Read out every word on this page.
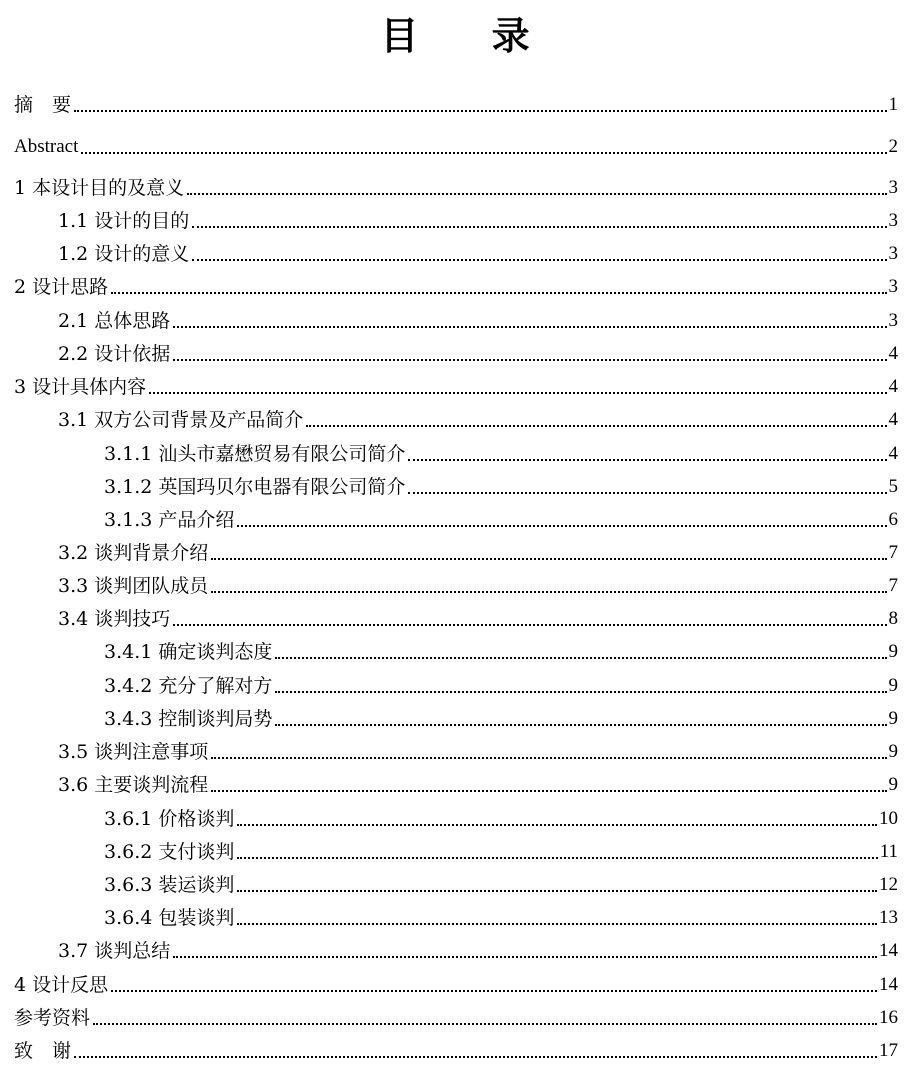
目 录
摘　要	1
Abstract	2
1 本设计目的及意义	3
1.1 设计的目的	3
1.2 设计的意义	3
2 设计思路	3
2.1 总体思路	3
2.2 设计依据	4
3 设计具体内容	4
3.1 双方公司背景及产品简介	4
3.1.1 汕头市嘉懋贸易有限公司简介	4
3.1.2 英国玛贝尔电器有限公司简介	5
3.1.3 产品介绍	6
3.2 谈判背景介绍	7
3.3 谈判团队成员	7
3.4 谈判技巧	8
3.4.1 确定谈判态度	9
3.4.2 充分了解对方	9
3.4.3 控制谈判局势	9
3.5 谈判注意事项	9
3.6 主要谈判流程	9
3.6.1 价格谈判	10
3.6.2 支付谈判	11
3.6.3 装运谈判	12
3.6.4 包装谈判	13
3.7 谈判总结	14
4 设计反思	14
参考资料	16
致　谢	17
